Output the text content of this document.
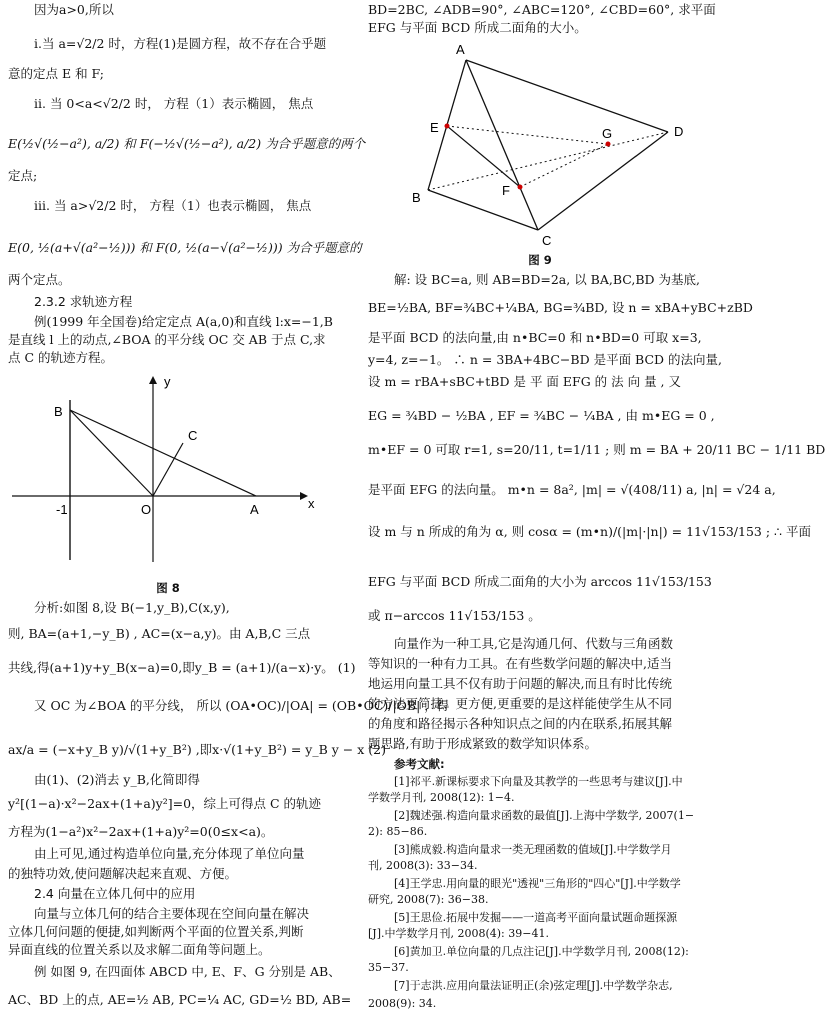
因为a>0,所以
i.当 a=√2/2 时，方程(1)是圆方程，故不存在合乎题
意的定点 E 和 F;
ii. 当 0<a<√2/2 时， 方程（1）表示椭圆， 焦点
E(½√(½−a²), a/2) 和 F(−½√(½−a²), a/2) 为合乎题意的两个
定点;
iii. 当 a>√2/2 时， 方程（1）也表示椭圆， 焦点
E(0, ½(a+√(a²−½))) 和 F(0, ½(a−√(a²−½))) 为合乎题意的
两个定点。
2.3.2 求轨迹方程
例(1999 年全国卷)给定定点 A(a,0)和直线 l:x=−1,B
是直线 l 上的动点,∠BOA 的平分线 OC 交 AB 于点 C,求
点 C 的轨迹方程。
y
x
B
C
O	A
-1
图 8
分析:如图 8,设 B(−1,y_B),C(x,y),
则, BA=(a+1,−y_B) , AC=(x−a,y)。由 A,B,C 三点
共线,得(a+1)y+y_B(x−a)=0,即y_B = (a+1)/(a−x)·y。 (1)
又 OC 为∠BOA 的平分线， 所以 (OA•OC)/|OA| = (OB•OC)/|OB| ，得
ax/a = (−x+y_B y)/√(1+y_B²) ,即x·√(1+y_B²) = y_B y − x (2)
由(1)、(2)消去 y_B,化简即得
y²[(1−a)·x²−2ax+(1+a)y²]=0，综上可得点 C 的轨迹
方程为(1−a²)x²−2ax+(1+a)y²=0(0≤x<a)。
由上可见,通过构造单位向量,充分体现了单位向量
的独特功效,使问题解决起来直观、方便。
2.4 向量在立体几何中的应用
向量与立体几何的结合主要体现在空间向量在解决
立体几何问题的便捷,如判断两个平面的位置关系,判断
异面直线的位置关系以及求解二面角等问题上。
例 如图 9, 在四面体 ABCD 中, E、F、G 分别是 AB、
AC、BD 上的点, AE=½ AB, PC=¼ AC, GD=½ BD, AB=
BD=2BC, ∠ADB=90°, ∠ABC=120°, ∠CBD=60°, 求平面
EFG 与平面 BCD 所成二面角的大小。
A
B
C
D
E
F
G
图 9
解: 设 BC=a, 则 AB=BD=2a, 以 BA,BC,BD 为基底,
BE=½BA, BF=¾BC+¼BA, BG=¾BD, 设 n = xBA+yBC+zBD
是平面 BCD 的法向量,由 n•BC=0 和 n•BD=0 可取 x=3,
y=4, z=−1。 ∴ n = 3BA+4BC−BD 是平面 BCD 的法向量,
设 m = rBA+sBC+tBD 是 平 面 EFG 的 法 向 量 , 又
EG = ¾BD − ½BA , EF = ¾BC − ¼BA , 由 m•EG = 0 ,
m•EF = 0 可取 r=1, s=20/11, t=1/11 ; 则 m = BA + 20/11 BC − 1/11 BD
是平面 EFG 的法向量。 m•n = 8a², |m| = √(408/11) a, |n| = √24 a,
设 m 与 n 所成的角为 α, 则 cosα = (m•n)/(|m|·|n|) = 11√153/153 ; ∴ 平面
EFG 与平面 BCD 所成二面角的大小为 arccos 11√153/153
或 π−arccos 11√153/153 。
向量作为一种工具,它是沟通几何、代数与三角函数
等知识的一种有力工具。在有些数学问题的解决中,适当
地运用向量工具不仅有助于问题的解决,而且有时比传统
的方法更简捷、更方便,更重要的是这样能使学生从不同
的角度和路径揭示各种知识点之间的内在联系,拓展其解
题思路,有助于形成紧致的数学知识体系。
参考文献:
[1]祁平.新课标要求下向量及其教学的一些思考与建议[J].中
学数学月刊, 2008(12): 1−4.
[2]魏述强.构造向量求函数的最值[J].上海中学数学, 2007(1−
2): 85−86.
[3]熊成毅.构造向量求一类无理函数的值域[J].中学数学月
刊, 2008(3): 33−34.
[4]王学忠.用向量的眼光"透视"三角形的"四心"[J].中学数学
研究, 2008(7): 36−38.
[5]王思俭.拓展中发掘——一道高考平面向量试题命题探源
[J].中学数学月刊, 2008(4): 39−41.
[6]黄加卫.单位向量的几点注记[J].中学数学月刊, 2008(12):
35−37.
[7]于志洪.应用向量法证明正(余)弦定理[J].中学数学杂志,
2008(9): 34.
